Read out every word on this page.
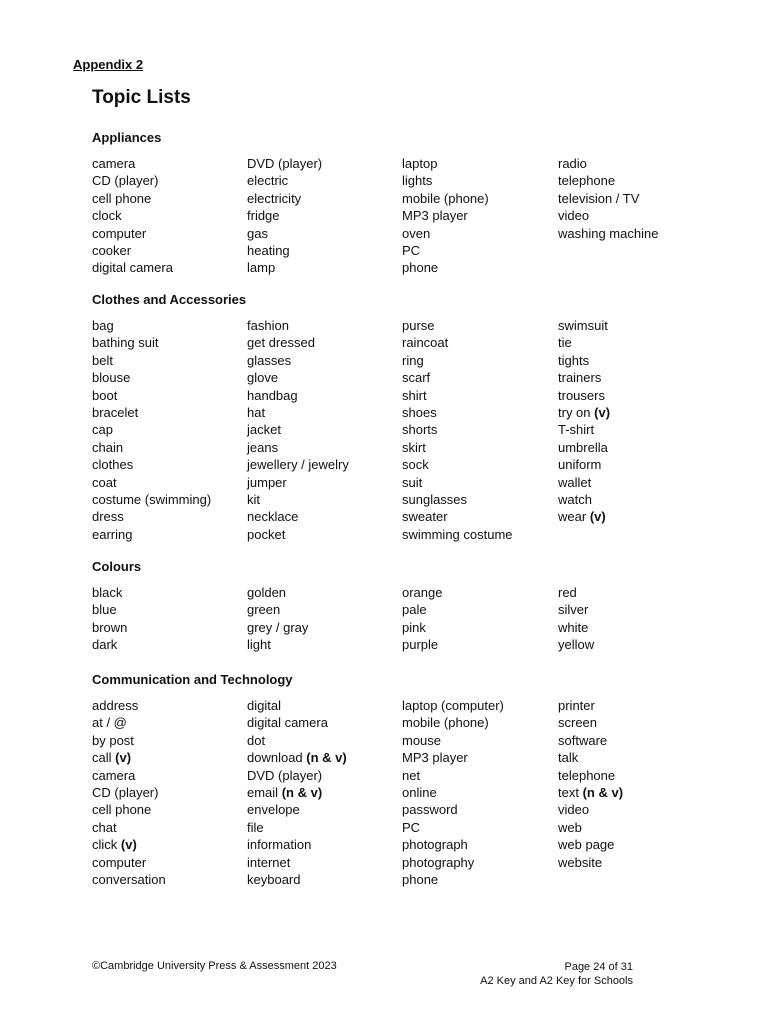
Appendix 2
Topic Lists
Appliances
camera
CD (player)
cell phone
clock
computer
cooker
digital camera
DVD (player)
electric
electricity
fridge
gas
heating
lamp
laptop
lights
mobile (phone)
MP3 player
oven
PC
phone
radio
telephone
television / TV
video
washing machine
Clothes and Accessories
bag
bathing suit
belt
blouse
boot
bracelet
cap
chain
clothes
coat
costume (swimming)
dress
earring
fashion
get dressed
glasses
glove
handbag
hat
jacket
jeans
jewellery / jewelry
jumper
kit
necklace
pocket
purse
raincoat
ring
scarf
shirt
shoes
shorts
skirt
sock
suit
sunglasses
sweater
swimming costume
swimsuit
tie
tights
trainers
trousers
try on (v)
T-shirt
umbrella
uniform
wallet
watch
wear (v)
Colours
black
blue
brown
dark
golden
green
grey / gray
light
orange
pale
pink
purple
red
silver
white
yellow
Communication and Technology
address
at / @
by post
call (v)
camera
CD (player)
cell phone
chat
click (v)
computer
conversation
digital
digital camera
dot
download (n & v)
DVD (player)
email (n & v)
envelope
file
information
internet
keyboard
laptop (computer)
mobile (phone)
mouse
MP3 player
net
online
password
PC
photograph
photography
phone
printer
screen
software
talk
telephone
text (n & v)
video
web
web page
website
©Cambridge University Press & Assessment 2023	Page 24 of 31
A2 Key and A2 Key for Schools
